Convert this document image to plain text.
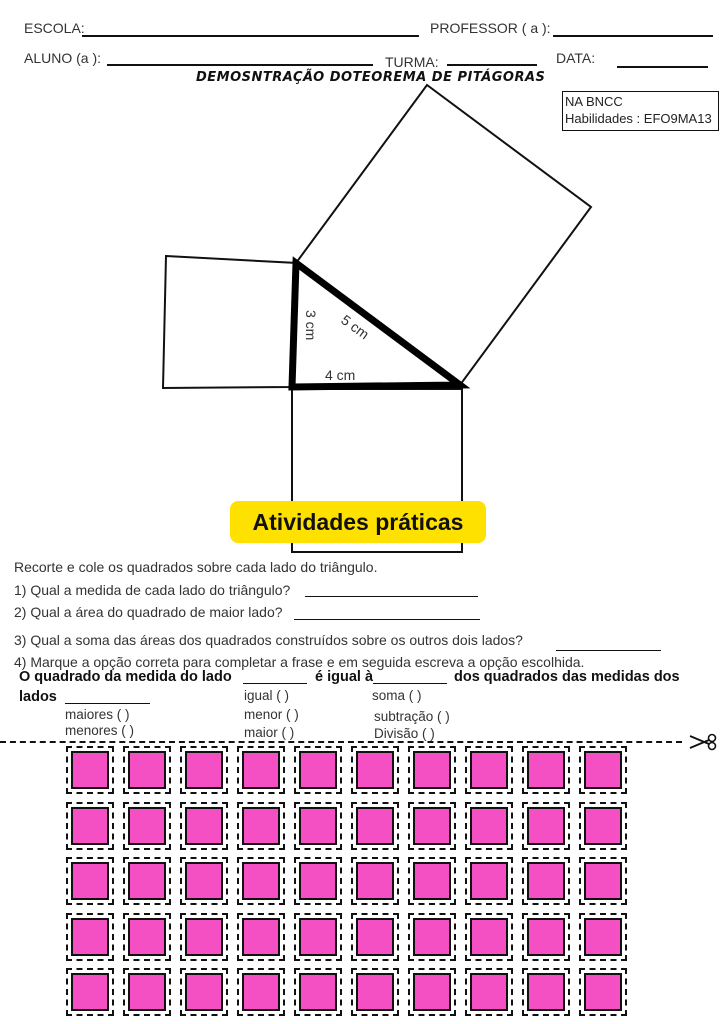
ESCOLA:	PROFESSOR ( a ):
ALUNO (a ):	TURMA:	DATA:
DEMOSNTRAÇÃO DOTEOREMA DE PITÁGORAS
NA BNCC
Habilidades : EFO9MA13
3 cm 5 cm
4 cm
Atividades práticas
Recorte e cole os quadrados sobre cada lado do triângulo.
1) Qual a medida de cada lado do triângulo?
2) Qual a área do quadrado de maior lado?
3) Qual a soma das áreas dos quadrados construídos sobre os outros dois lados?
4) Marque a opção correta para completar a frase e em seguida escreva a opção escolhida.
O quadrado da medida do lado	é igual à	dos quadrados das medidas dos
lados	igual ( )
menor ( )
maior ( )
soma ( )
subtração ( )
Divisão ( )
maiores ( )
menores ( )
